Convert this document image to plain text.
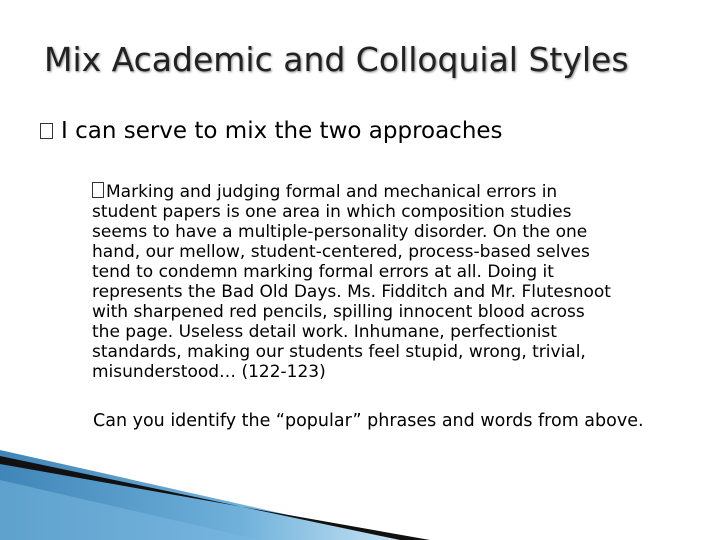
Mix Academic and Colloquial Styles
I can serve to mix the two approaches
Marking and judging formal and mechanical errors in
student papers is one area in which composition studies
seems to have a multiple-personality disorder. On the one
hand, our mellow, student-centered, process-based selves
tend to condemn marking formal errors at all. Doing it
represents the Bad Old Days. Ms. Fidditch and Mr. Flutesnoot
with sharpened red pencils, spilling innocent blood across
the page. Useless detail work. Inhumane, perfectionist
standards, making our students feel stupid, wrong, trivial,
misunderstood… (122-123)
Can you identify the “popular” phrases and words from above.
